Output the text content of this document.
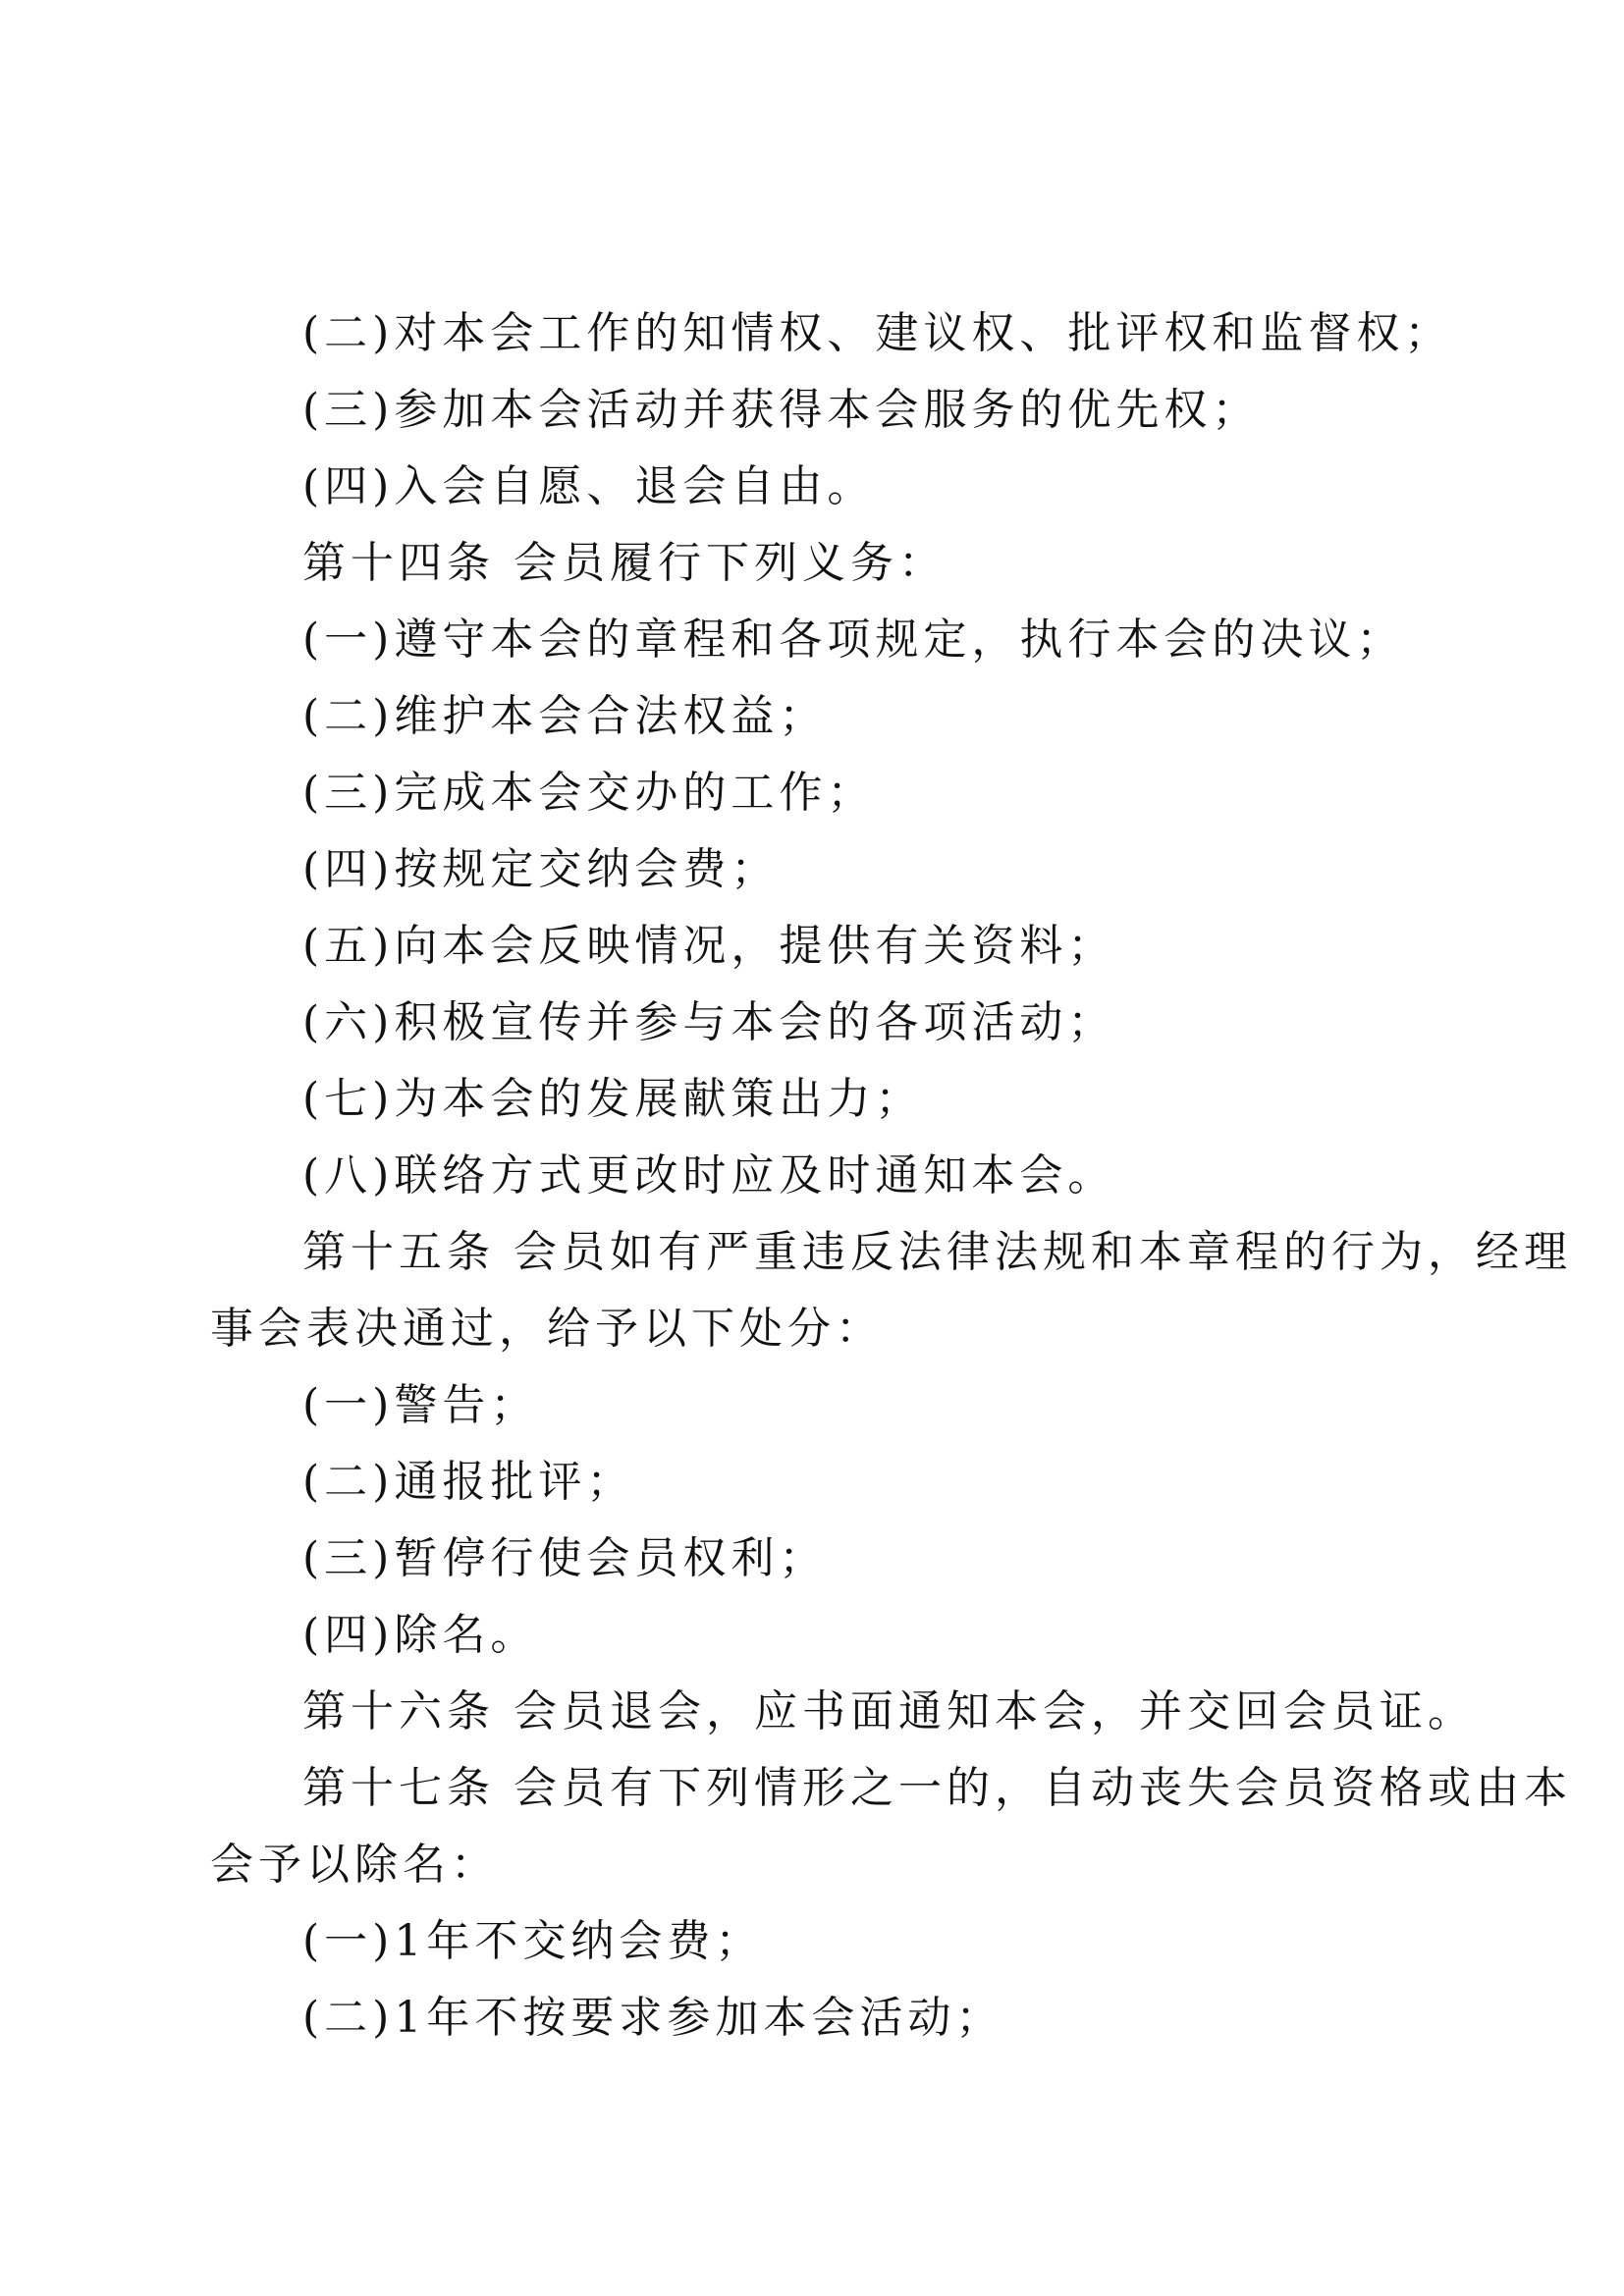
(二)对本会工作的知情权、建议权、批评权和监督权；
(三)参加本会活动并获得本会服务的优先权；
(四)入会自愿、退会自由。
第十四条 会员履行下列义务：
(一)遵守本会的章程和各项规定，执行本会的决议；
(二)维护本会合法权益；
(三)完成本会交办的工作；
(四)按规定交纳会费；
(五)向本会反映情况，提供有关资料；
(六)积极宣传并参与本会的各项活动；
(七)为本会的发展献策出力；
(八)联络方式更改时应及时通知本会。
第十五条 会员如有严重违反法律法规和本章程的行为，经理
事会表决通过，给予以下处分：
(一)警告；
(二)通报批评；
(三)暂停行使会员权利；
(四)除名。
第十六条 会员退会，应书面通知本会，并交回会员证。
第十七条 会员有下列情形之一的，自动丧失会员资格或由本
会予以除名：
(一)1年不交纳会费；
(二)1年不按要求参加本会活动；
